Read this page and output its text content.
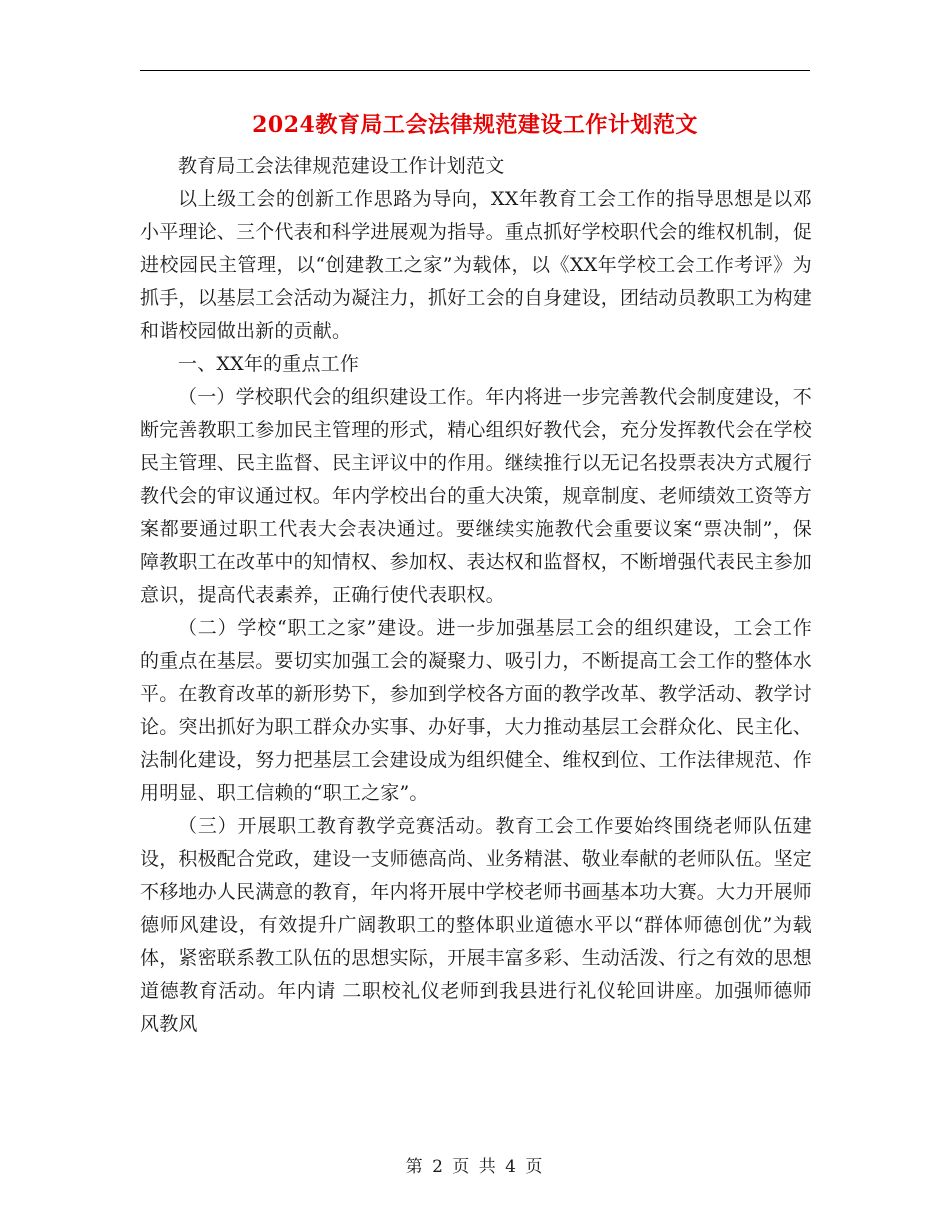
2024教育局工会法律规范建设工作计划范文

教育局工会法律规范建设工作计划范文

以上级工会的创新工作思路为导向，XX年教育工会工作的指导思想是以邓小平理论、三个代表和科学进展观为指导。重点抓好学校职代会的维权机制，促进校园民主管理，以“创建教工之家”为载体，以《XX年学校工会工作考评》为抓手，以基层工会活动为凝注力，抓好工会的自身建设，团结动员教职工为构建和谐校园做出新的贡献。

一、XX年的重点工作

（一）学校职代会的组织建设工作。年内将进一步完善教代会制度建设，不断完善教职工参加民主管理的形式，精心组织好教代会，充分发挥教代会在学校民主管理、民主监督、民主评议中的作用。继续推行以无记名投票表决方式履行教代会的审议通过权。年内学校出台的重大决策，规章制度、老师绩效工资等方案都要通过职工代表大会表决通过。要继续实施教代会重要议案“票决制”，保障教职工在改革中的知情权、参加权、表达权和监督权，不断增强代表民主参加意识，提高代表素养，正确行使代表职权。

（二）学校“职工之家”建设。进一步加强基层工会的组织建设，工会工作的重点在基层。要切实加强工会的凝聚力、吸引力，不断提高工会工作的整体水平。在教育改革的新形势下，参加到学校各方面的教学改革、教学活动、教学讨论。突出抓好为职工群众办实事、办好事，大力推动基层工会群众化、民主化、法制化建设，努力把基层工会建设成为组织健全、维权到位、工作法律规范、作用明显、职工信赖的“职工之家”。

（三）开展职工教育教学竞赛活动。教育工会工作要始终围绕老师队伍建设，积极配合党政，建设一支师德高尚、业务精湛、敬业奉献的老师队伍。坚定不移地办人民满意的教育，年内将开展中学校老师书画基本功大赛。大力开展师德师风建设，有效提升广阔教职工的整体职业道德水平以“群体师德创优”为载体，紧密联系教工队伍的思想实际，开展丰富多彩、生动活泼、行之有效的思想道德教育活动。年内请 二职校礼仪老师到我县进行礼仪轮回讲座。加强师德师风教风

第 2 页 共 4 页
